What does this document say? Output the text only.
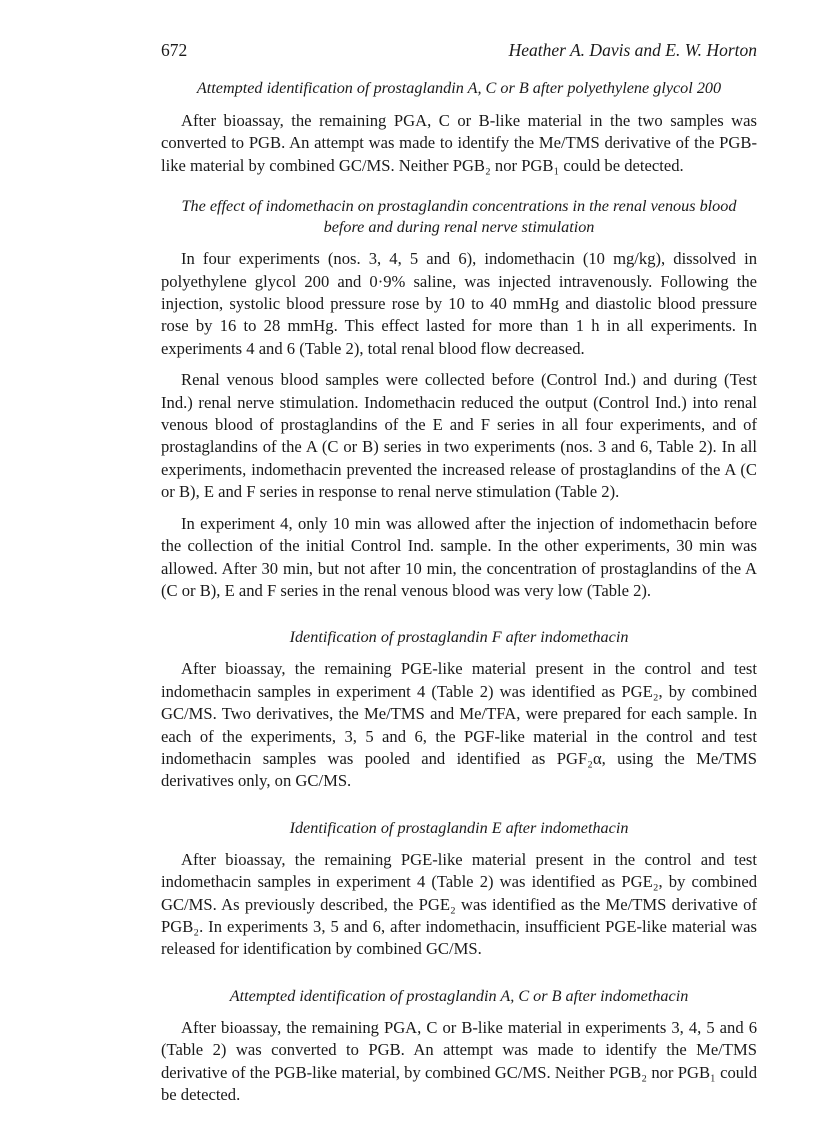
672	Heather A. Davis and E. W. Horton
Attempted identification of prostaglandin A, C or B after polyethylene glycol 200

After bioassay, the remaining PGA, C or B-like material in the two samples was converted to PGB. An attempt was made to identify the Me/TMS derivative of the PGB-like material by combined GC/MS. Neither PGB₂ nor PGB₁ could be detected.

The effect of indomethacin on prostaglandin concentrations in the renal venous blood before and during renal nerve stimulation

In four experiments (nos. 3, 4, 5 and 6), indomethacin (10 mg/kg), dissolved in polyethylene glycol 200 and 0·9% saline, was injected intravenously. Following the injection, systolic blood pressure rose by 10 to 40 mmHg and diastolic blood pressure rose by 16 to 28 mmHg. This effect lasted for more than 1 h in all experiments. In experiments 4 and 6 (Table 2), total renal blood flow decreased.

Renal venous blood samples were collected before (Control Ind.) and during (Test Ind.) renal nerve stimulation. Indomethacin reduced the output (Control Ind.) into renal venous blood of prostaglandins of the E and F series in all four experiments, and of prostaglandins of the A (C or B) series in two experiments (nos. 3 and 6, Table 2). In all experiments, indomethacin prevented the increased release of prostaglandins of the A (C or B), E and F series in response to renal nerve stimulation (Table 2).

In experiment 4, only 10 min was allowed after the injection of indomethacin before the collection of the initial Control Ind. sample. In the other experiments, 30 min was allowed. After 30 min, but not after 10 min, the concentration of prostaglandins of the A (C or B), E and F series in the renal venous blood was very low (Table 2).

Identification of prostaglandin F after indomethacin

After bioassay, the remaining PGE-like material present in the control and test indomethacin samples in experiment 4 (Table 2) was identified as PGE₂, by combined GC/MS. Two derivatives, the Me/TMS and Me/TFA, were prepared for each sample. In each of the experiments, 3, 5 and 6, the PGF-like material in the control and test indomethacin samples was pooled and identified as PGF₂α, using the Me/TMS derivatives only, on GC/MS.

Identification of prostaglandin E after indomethacin

After bioassay, the remaining PGE-like material present in the control and test indomethacin samples in experiment 4 (Table 2) was identified as PGE₂, by combined GC/MS. As previously described, the PGE₂ was identified as the Me/TMS derivative of PGB₂. In experiments 3, 5 and 6, after indomethacin, insufficient PGE-like material was released for identification by combined GC/MS.

Attempted identification of prostaglandin A, C or B after indomethacin

After bioassay, the remaining PGA, C or B-like material in experiments 3, 4, 5 and 6 (Table 2) was converted to PGB. An attempt was made to identify the Me/TMS derivative of the PGB-like material, by combined GC/MS. Neither PGB₂ nor PGB₁ could be detected.
